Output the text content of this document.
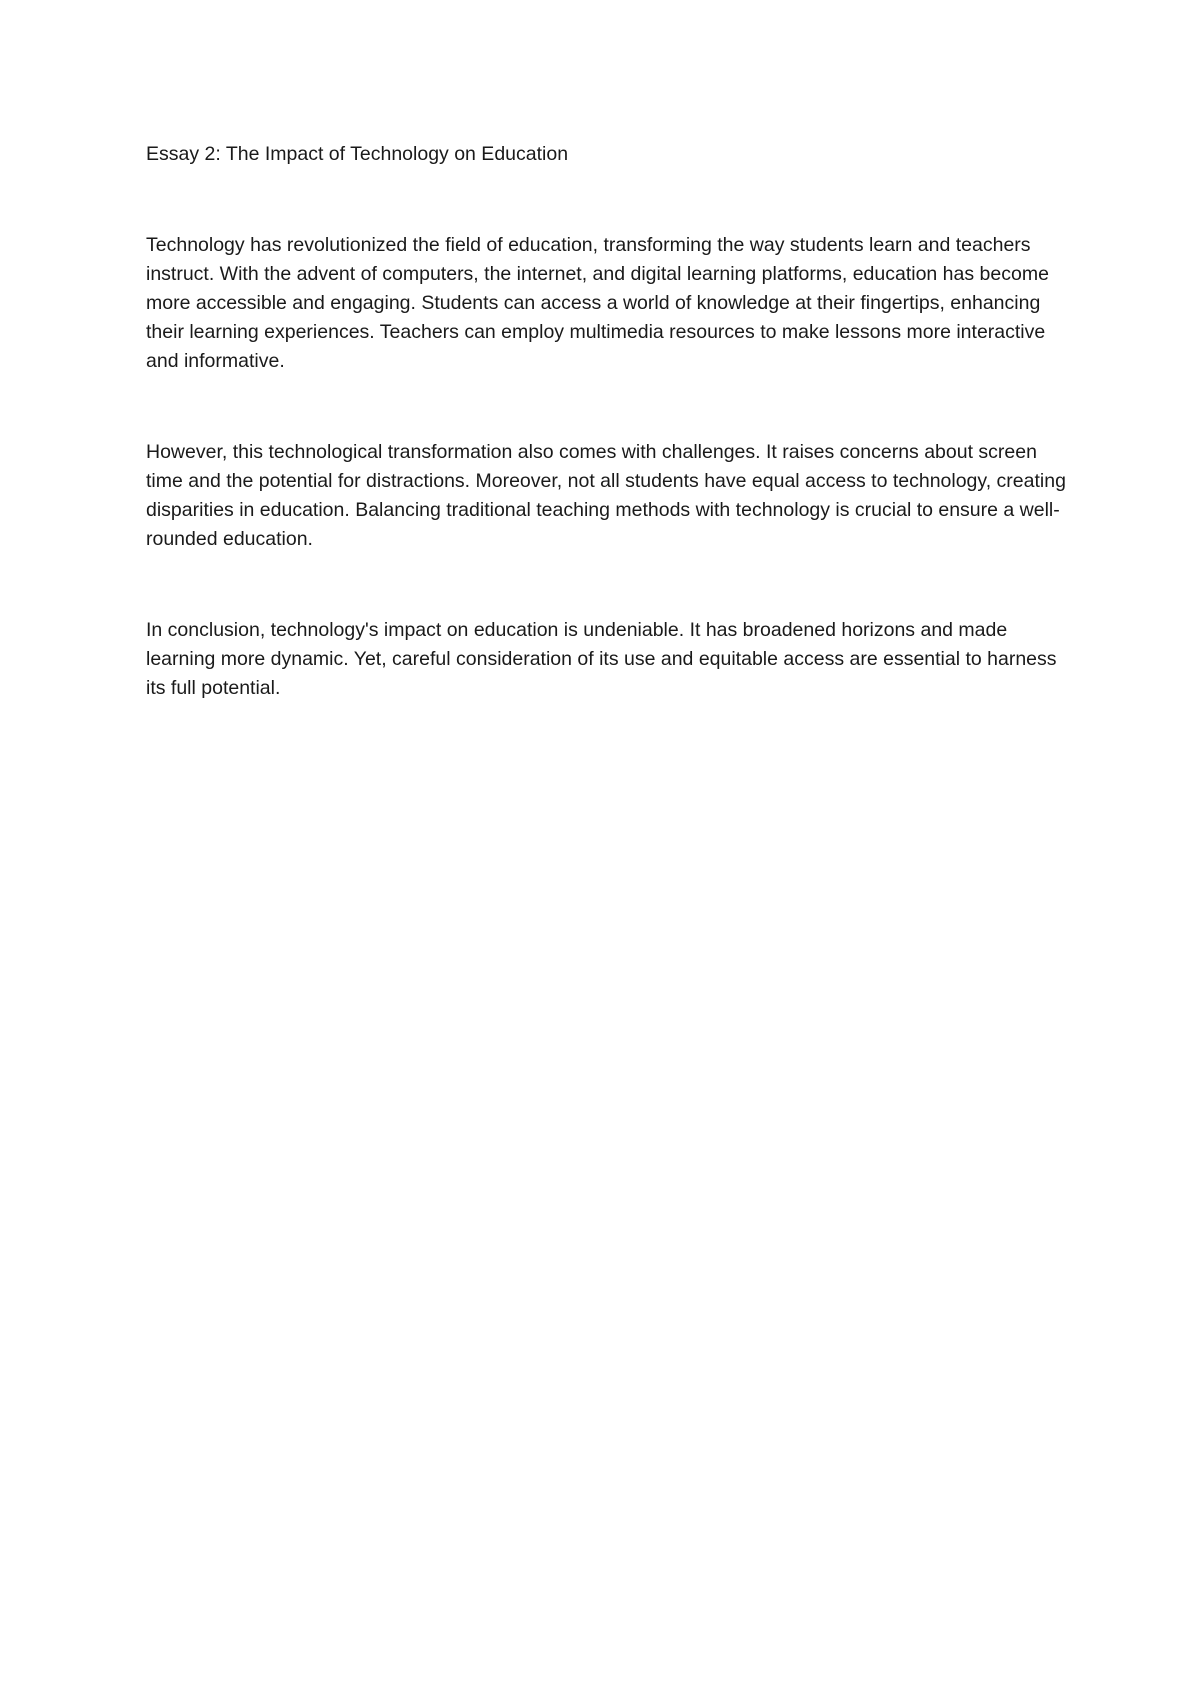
Essay 2: The Impact of Technology on Education

Technology has revolutionized the field of education, transforming the way students learn and teachers instruct. With the advent of computers, the internet, and digital learning platforms, education has become more accessible and engaging. Students can access a world of knowledge at their fingertips, enhancing their learning experiences. Teachers can employ multimedia resources to make lessons more interactive and informative.

However, this technological transformation also comes with challenges. It raises concerns about screen time and the potential for distractions. Moreover, not all students have equal access to technology, creating disparities in education. Balancing traditional teaching methods with technology is crucial to ensure a well-rounded education.

In conclusion, technology's impact on education is undeniable. It has broadened horizons and made learning more dynamic. Yet, careful consideration of its use and equitable access are essential to harness its full potential.
